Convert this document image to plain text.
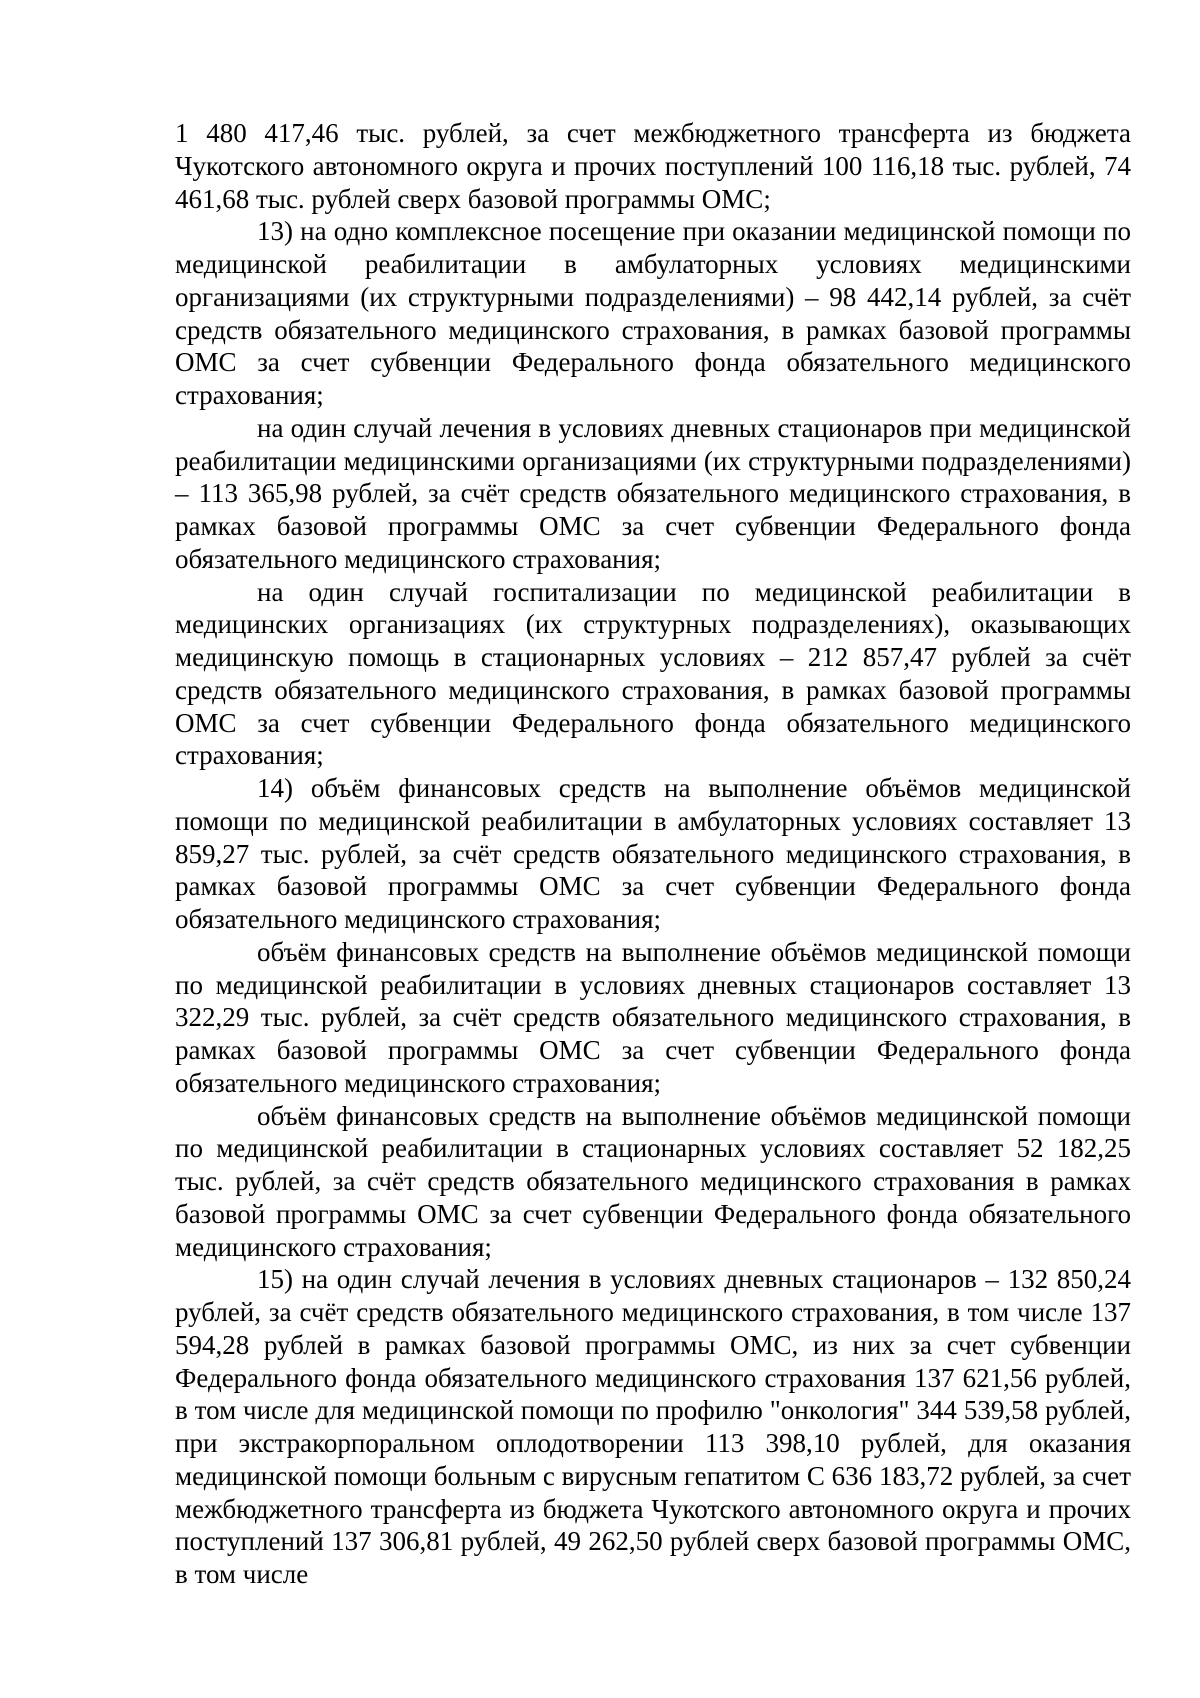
1 480 417,46 тыс. рублей, за счет межбюджетного трансферта из бюджета Чукотского автономного округа и прочих поступлений 100 116,18 тыс. рублей, 74 461,68 тыс. рублей сверх базовой программы ОМС;

13) на одно комплексное посещение при оказании медицинской помощи по медицинской реабилитации в амбулаторных условиях медицинскими организациями (их структурными подразделениями) – 98 442,14 рублей, за счёт средств обязательного медицинского страхования, в рамках базовой программы ОМС за счет субвенции Федерального фонда обязательного медицинского страхования;

на один случай лечения в условиях дневных стационаров при медицинской реабилитации медицинскими организациями (их структурными подразделениями) – 113 365,98 рублей, за счёт средств обязательного медицинского страхования, в рамках базовой программы ОМС за счет субвенции Федерального фонда обязательного медицинского страхования;

на один случай госпитализации по медицинской реабилитации в медицинских организациях (их структурных подразделениях), оказывающих медицинскую помощь в стационарных условиях – 212 857,47 рублей за счёт средств обязательного медицинского страхования, в рамках базовой программы ОМС за счет субвенции Федерального фонда обязательного медицинского страхования;

14) объём финансовых средств на выполнение объёмов медицинской помощи по медицинской реабилитации в амбулаторных условиях составляет 13 859,27 тыс. рублей, за счёт средств обязательного медицинского страхования, в рамках базовой программы ОМС за счет субвенции Федерального фонда обязательного медицинского страхования;

объём финансовых средств на выполнение объёмов медицинской помощи по медицинской реабилитации в условиях дневных стационаров составляет 13 322,29 тыс. рублей, за счёт средств обязательного медицинского страхования, в рамках базовой программы ОМС за счет субвенции Федерального фонда обязательного медицинского страхования;

объём финансовых средств на выполнение объёмов медицинской помощи по медицинской реабилитации в стационарных условиях составляет 52 182,25 тыс. рублей, за счёт средств обязательного медицинского страхования в рамках базовой программы ОМС за счет субвенции Федерального фонда обязательного медицинского страхования;

15) на один случай лечения в условиях дневных стационаров – 132 850,24 рублей, за счёт средств обязательного медицинского страхования, в том числе 137 594,28 рублей в рамках базовой программы ОМС, из них за счет субвенции Федерального фонда обязательного медицинского страхования 137 621,56 рублей, в том числе для медицинской помощи по профилю "онкология" 344 539,58 рублей, при экстракорпоральном оплодотворении 113 398,10 рублей, для оказания медицинской помощи больным с вирусным гепатитом С 636 183,72 рублей, за счет межбюджетного трансферта из бюджета Чукотского автономного округа и прочих поступлений 137 306,81 рублей, 49 262,50 рублей сверх базовой программы ОМС, в том числе
